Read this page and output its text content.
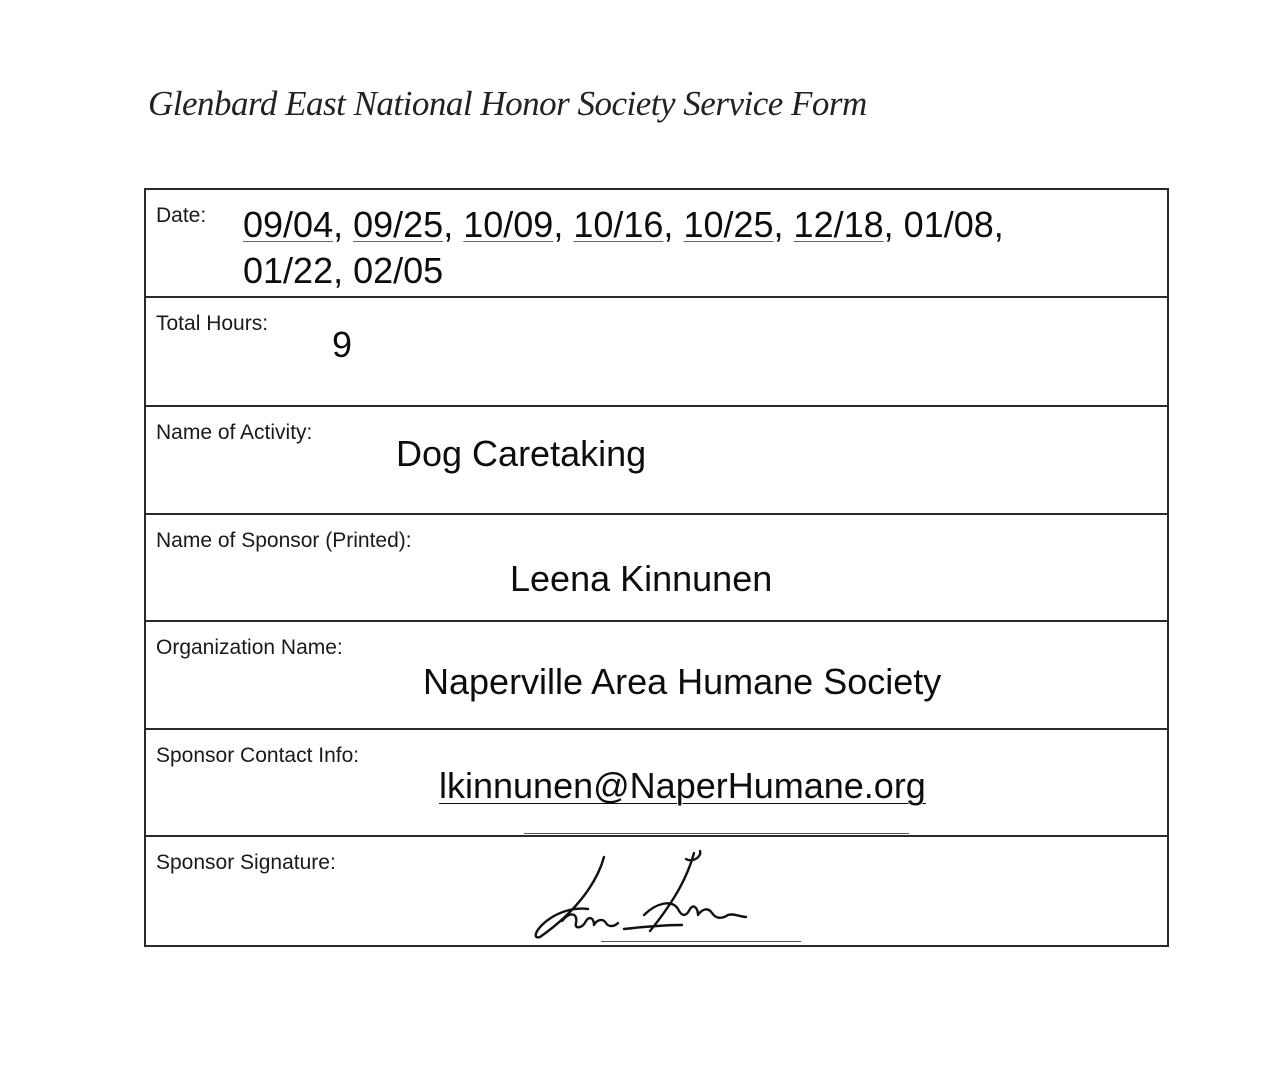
Glenbard East National Honor Society Service Form
Date: 09/04, 09/25, 10/09, 10/16, 10/25, 12/18, 01/08,
01/22, 02/05
Total Hours:
9
Name of Activity:
Dog Caretaking
Name of Sponsor (Printed):
Leena Kinnunen
Organization Name:
Naperville Area Humane Society
Sponsor Contact Info:
lkinnunen@NaperHumane.org
Sponsor Signature:
